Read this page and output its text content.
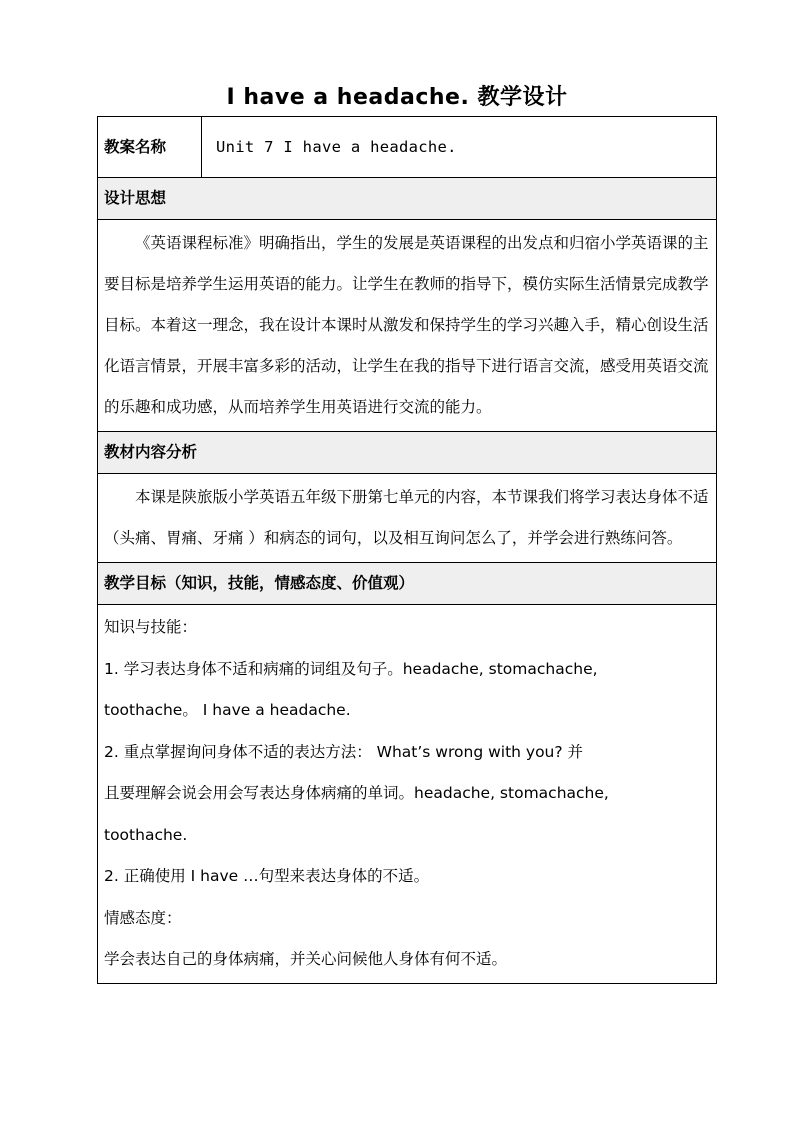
I have a headache. 教学设计
教案名称	Unit 7 I have a headache.
设计思想

《英语课程标准》明确指出，学生的发展是英语课程的出发点和归宿小学英语课的主要目标是培养学生运用英语的能力。让学生在教师的指导下，模仿实际生活情景完成教学目标。本着这一理念，我在设计本课时从激发和保持学生的学习兴趣入手，精心创设生活化语言情景，开展丰富多彩的活动，让学生在我的指导下进行语言交流，感受用英语交流的乐趣和成功感，从而培养学生用英语进行交流的能力。

教材内容分析

本课是陕旅版小学英语五年级下册第七单元的内容，本节课我们将学习表达身体不适（头痛、胃痛、牙痛 ）和病态的词句，以及相互询问怎么了，并学会进行熟练问答。

教学目标（知识，技能，情感态度、价值观）

知识与技能：

1. 学习表达身体不适和病痛的词组及句子。headache, stomachache,

toothache。 I have a headache.

2. 重点掌握询问身体不适的表达方法： What’s wrong with you? 并

且要理解会说会用会写表达身体病痛的单词。headache, stomachache,

toothache.

2. 正确使用 I have …句型来表达身体的不适。

情感态度：

学会表达自己的身体病痛，并关心问候他人身体有何不适。
